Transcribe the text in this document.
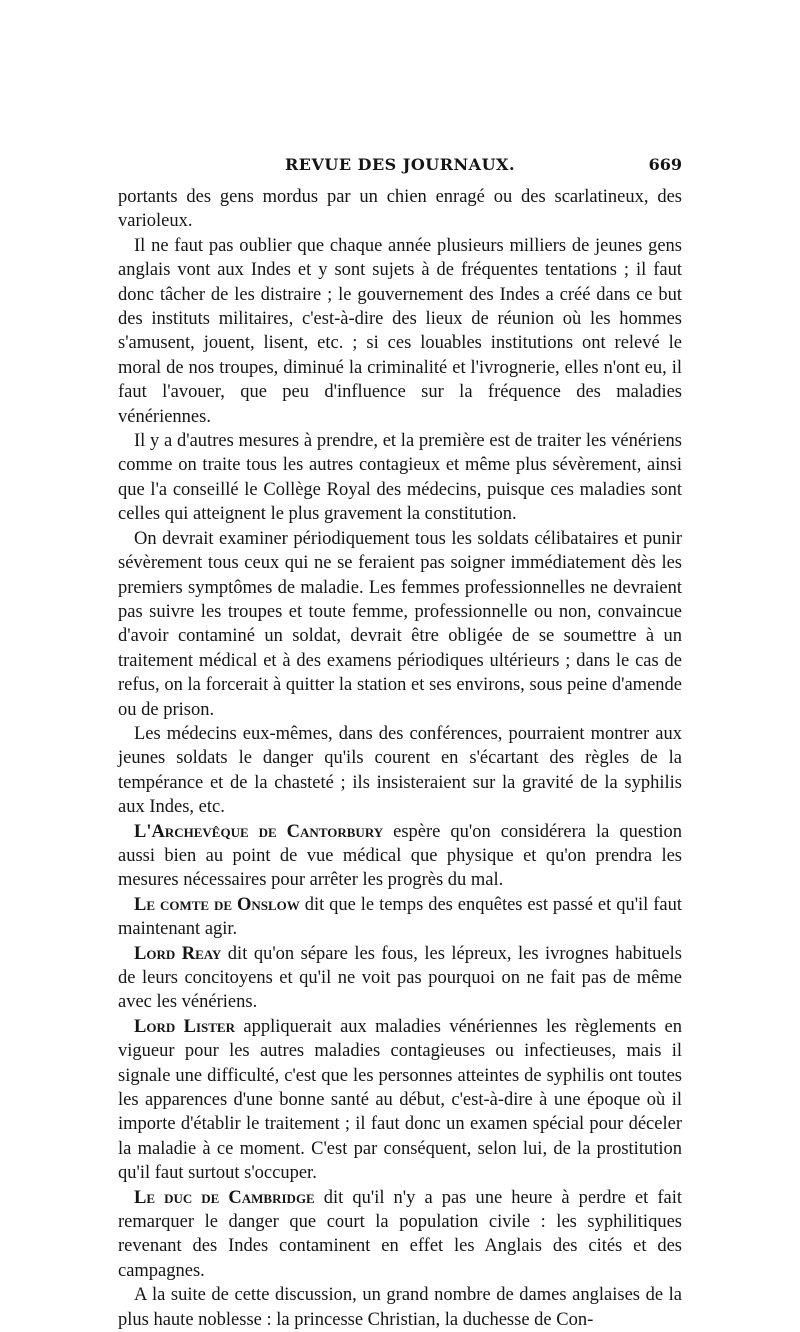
REVUE DES JOURNAUX.	669

portants des gens mordus par un chien enragé ou des scarlatineux, des varioleux.

Il ne faut pas oublier que chaque année plusieurs milliers de jeunes gens anglais vont aux Indes et y sont sujets à de fréquentes tentations ; il faut donc tâcher de les distraire ; le gouvernement des Indes a créé dans ce but des instituts militaires, c'est-à-dire des lieux de réunion où les hommes s'amusent, jouent, lisent, etc. ; si ces louables institutions ont relevé le moral de nos troupes, diminué la criminalité et l'ivrognerie, elles n'ont eu, il faut l'avouer, que peu d'influence sur la fréquence des maladies vénériennes.

Il y a d'autres mesures à prendre, et la première est de traiter les vénériens comme on traite tous les autres contagieux et même plus sévèrement, ainsi que l'a conseillé le Collège Royal des médecins, puisque ces maladies sont celles qui atteignent le plus gravement la constitution.

On devrait examiner périodiquement tous les soldats célibataires et punir sévèrement tous ceux qui ne se feraient pas soigner immédiatement dès les premiers symptômes de maladie. Les femmes professionnelles ne devraient pas suivre les troupes et toute femme, professionnelle ou non, convaincue d'avoir contaminé un soldat, devrait être obligée de se soumettre à un traitement médical et à des examens périodiques ultérieurs ; dans le cas de refus, on la forcerait à quitter la station et ses environs, sous peine d'amende ou de prison.

Les médecins eux-mêmes, dans des conférences, pourraient montrer aux jeunes soldats le danger qu'ils courent en s'écartant des règles de la tempérance et de la chasteté ; ils insisteraient sur la gravité de la syphilis aux Indes, etc.

L'Archevêque de Cantorbury espère qu'on considérera la question aussi bien au point de vue médical que physique et qu'on prendra les mesures nécessaires pour arrêter les progrès du mal.

Le comte de Onslow dit que le temps des enquêtes est passé et qu'il faut maintenant agir.

Lord Reay dit qu'on sépare les fous, les lépreux, les ivrognes habituels de leurs concitoyens et qu'il ne voit pas pourquoi on ne fait pas de même avec les vénériens.

Lord Lister appliquerait aux maladies vénériennes les règlements en vigueur pour les autres maladies contagieuses ou infectieuses, mais il signale une difficulté, c'est que les personnes atteintes de syphilis ont toutes les apparences d'une bonne santé au début, c'est-à-dire à une époque où il importe d'établir le traitement ; il faut donc un examen spécial pour déceler la maladie à ce moment. C'est par conséquent, selon lui, de la prostitution qu'il faut surtout s'occuper.

Le duc de Cambridge dit qu'il n'y a pas une heure à perdre et fait remarquer le danger que court la population civile : les syphilitiques revenant des Indes contaminent en effet les Anglais des cités et des campagnes.

A la suite de cette discussion, un grand nombre de dames anglaises de la plus haute noblesse : la princesse Christian, la duchesse de Con-
